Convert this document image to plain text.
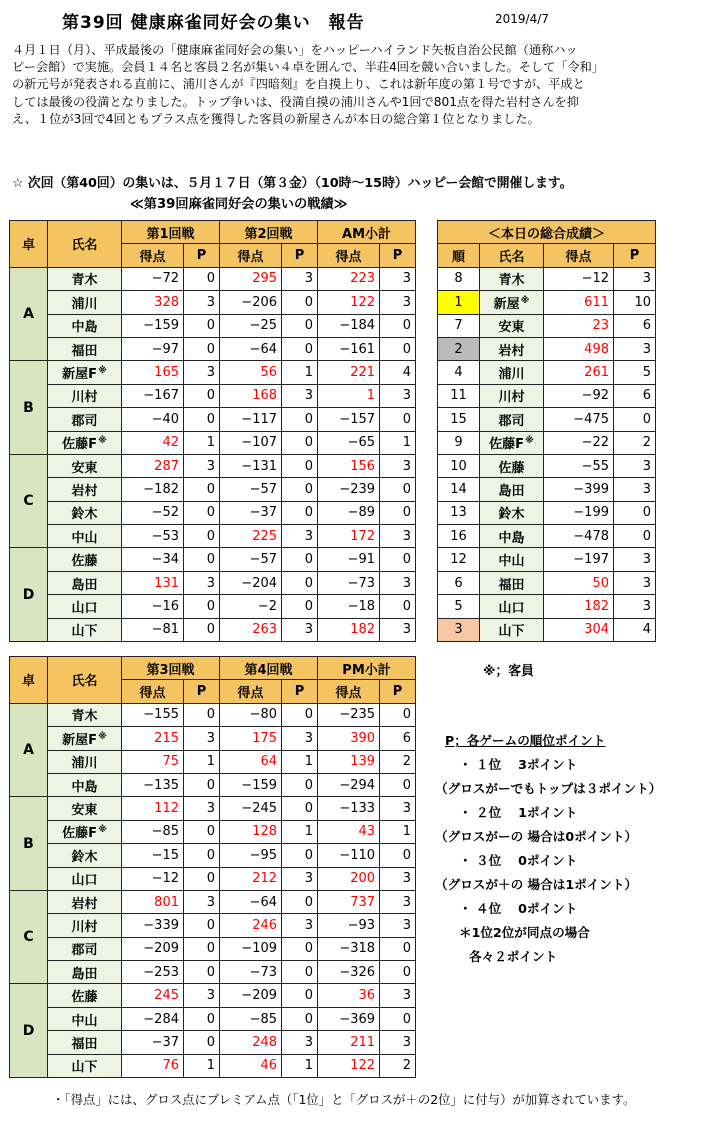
第39回 健康麻雀同好会の集い　報告	2019/4/7
４月１日（月）、平成最後の「健康麻雀同好会の集い」をハッピーハイランド矢板自治公民館（通称ハッ
ピー会館）で実施。会員１４名と客員２名が集い４卓を囲んで、半荘4回を競い合いました。そして「令和」
の新元号が発表される直前に、浦川さんが『四暗刻』を自摸上り、これは新年度の第１号ですが、平成と
しては最後の役満となりました。トップ争いは、役満自摸の浦川さんや1回で801点を得た岩村さんを抑
え、１位が3回で4回ともプラス点を獲得した客員の新屋さんが本日の総合第１位となりました。
☆ 次回（第40回）の集いは、５月１７日（第３金）（10時～15時）ハッピー会館で開催します。
≪第39回麻雀同好会の集いの戦績≫
卓	氏名	第1回戦		第2回戦		AM小計	
		得点	P	得点	P	得点	P
A	青木	−72	0	295	3	223	3
	浦川	328	3	−206	0	122	3
	中島	−159	0	−25	0	−184	0
	福田	−97	0	−64	0	−161	0
B	新屋F※	165	3	56	1	221	4
	川村	−167	0	168	3	1	3
	郡司	−40	0	−117	0	−157	0
	佐藤F※	42	1	−107	0	−65	1
C	安東	287	3	−131	0	156	3
	岩村	−182	0	−57	0	−239	0
	鈴木	−52	0	−37	0	−89	0
	中山	−53	0	225	3	172	3
D	佐藤	−34	0	−57	0	−91	0
	島田	131	3	−204	0	−73	3
	山口	−16	0	−2	0	−18	0
	山下	−81	0	263	3	182	3
卓	氏名	第3回戦		第4回戦		PM小計	
		得点	P	得点	P	得点	P
A	青木	−155	0	−80	0	−235	0
	新屋F※	215	3	175	3	390	6
	浦川	75	1	64	1	139	2
	中島	−135	0	−159	0	−294	0
B	安東	112	3	−245	0	−133	3
	佐藤F※	−85	0	128	1	43	1
	鈴木	−15	0	−95	0	−110	0
	山口	−12	0	212	3	200	3
C	岩村	801	3	−64	0	737	3
	川村	−339	0	246	3	−93	3
	郡司	−209	0	−109	0	−318	0
	島田	−253	0	−73	0	−326	0
D	佐藤	245	3	−209	0	36	3
	中山	−284	0	−85	0	−369	0
	福田	−37	0	248	3	211	3
	山下	76	1	46	1	122	2
＜本日の総合成績＞			
順	氏名	得点	P
8	青木	−12	3
1	新屋※	611	10
7	安東	23	6
2	岩村	498	3
4	浦川	261	5
11	川村	−92	6
15	郡司	−475	0
9	佐藤F※	−22	2
10	佐藤	−55	3
14	島田	−399	3
13	鈴木	−199	0
16	中島	−478	0
12	中山	−197	3
6	福田	50	3
5	山口	182	3
3	山下	304	4
※；客員
P；各ゲームの順位ポイント
・ １位　 3ポイント
（グロスがーでもトップは３ポイント）
・ ２位　 1ポイント
（グロスがーの 場合は0ポイント）
・ ３位　 0ポイント
（グロスが＋の 場合は1ポイント）
・ ４位　 0ポイント
＊1位2位が同点の場合
各々２ポイント
・「得点」には、グロス点にプレミアム点（「1位」と「グロスが＋の2位」に付与）が加算されています。
